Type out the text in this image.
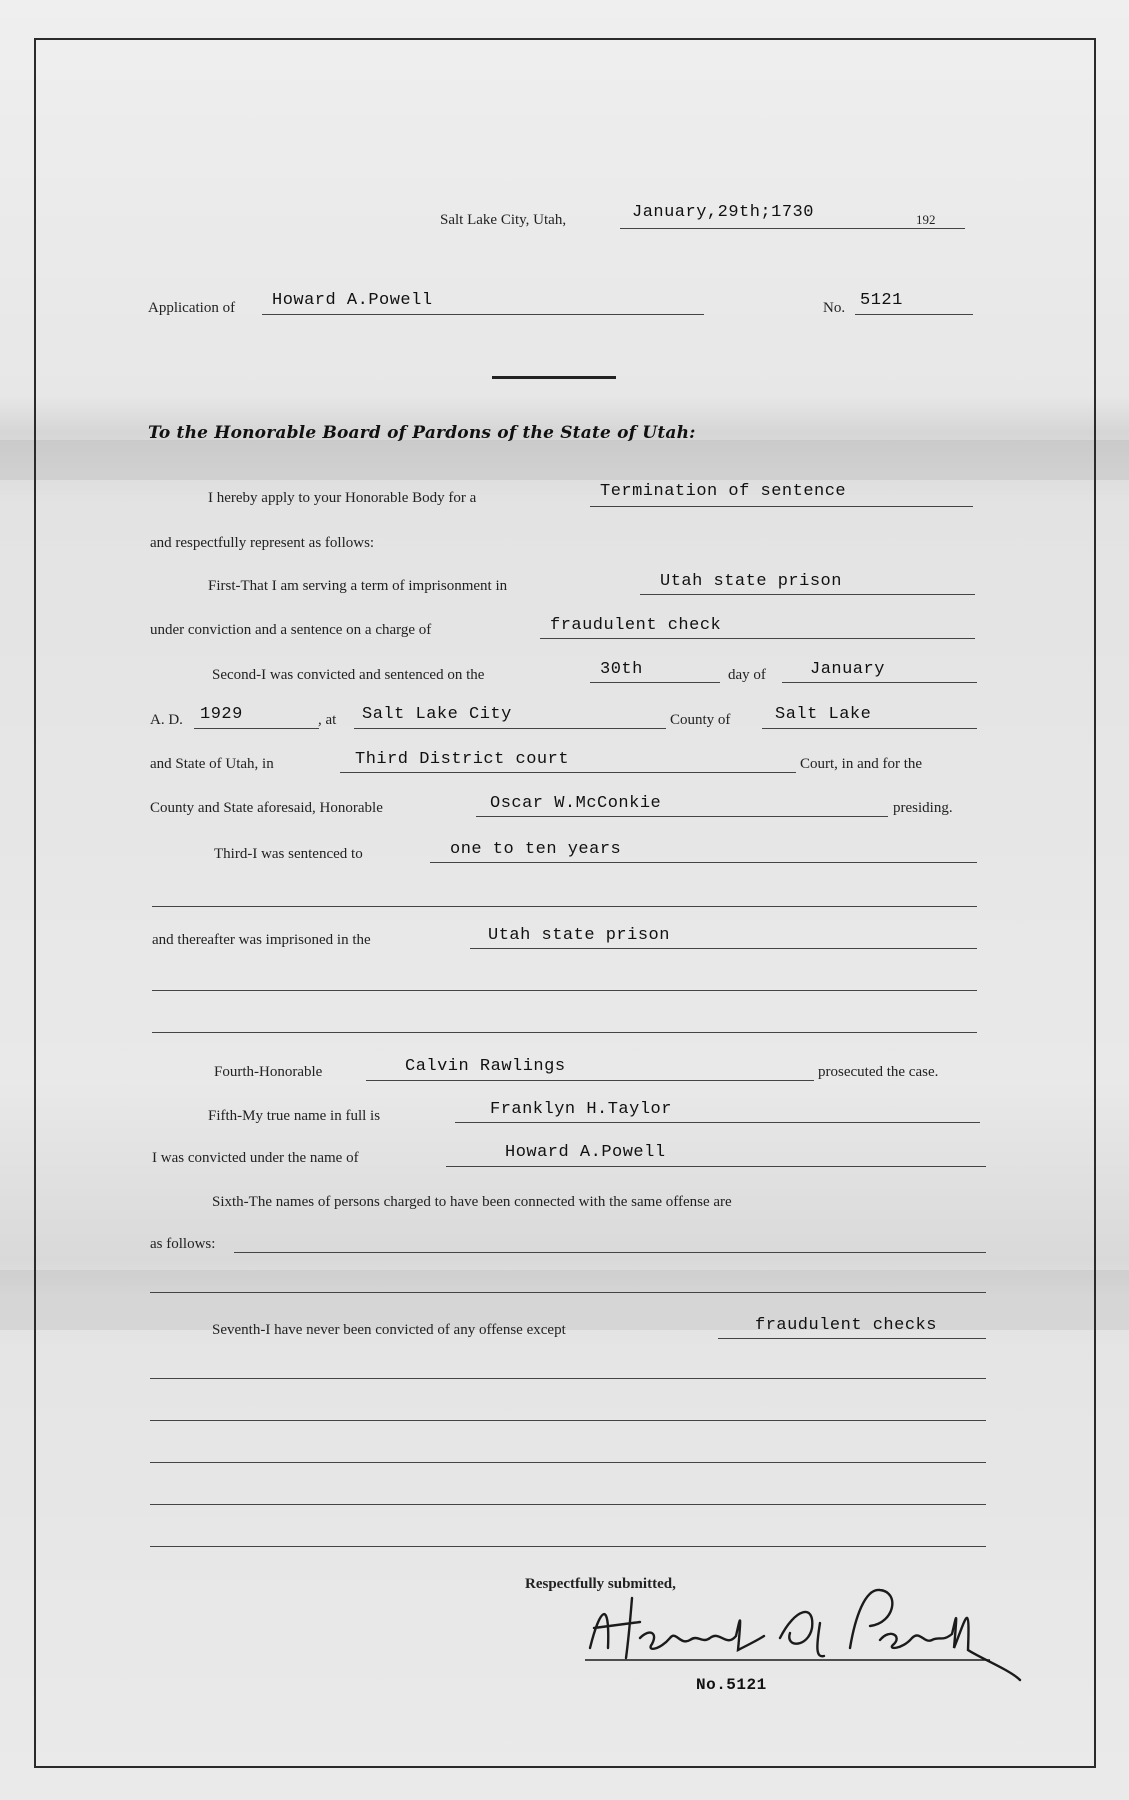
Salt Lake City, Utah,	January,29th;1730	192
Application of Howard A.Powell	No. 5121
To the Honorable Board of Pardons of the State of Utah:
I hereby apply to your Honorable Body for a	Termination of sentence
and respectfully represent as follows:
First-That I am serving a term of imprisonment in	Utah state prison
under conviction and a sentence on a charge of	fraudulent check
Second-I was convicted and sentenced on the	30th	day of	January
A. D. 1929	, at Salt Lake City	County of	Salt Lake
and State of Utah, in	Third District court	Court, in and for the
County and State aforesaid, Honorable	Oscar W.McConkie	presiding.
Third-I was sentenced to	one to ten years
and thereafter was imprisoned in the	Utah state prison
Fourth-Honorable	Calvin Rawlings	prosecuted the case.
Fifth-My true name in full is	Franklyn H.Taylor
I was convicted under the name of	Howard A.Powell
Sixth-The names of persons charged to have been connected with the same offense are
as follows:
Seventh-I have never been convicted of any offense except	fraudulent checks
Respectfully submitted,
No.5121
